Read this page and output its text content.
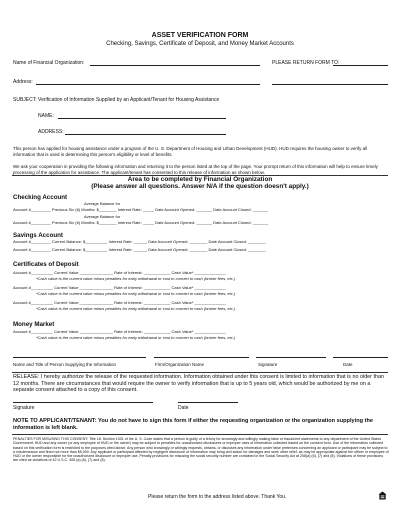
ASSET VERIFICATION FORM
Checking, Savings, Certificate of Deposit, and Money Market Accounts
Name of Financial Organization:	PLEASE RETURN FORM TO:
Address:
SUBJECT: Verification of Information Supplied by an Applicant/Tenant for Housing Assistance
NAME:
ADDRESS:
This person has applied for housing assistance under a program of the U. S. Department of Housing and Urban Development (HUD). HUD requires the housing owner to verify all information that is used in determining this person's eligibility or level of benefits.
We ask your cooperation in providing the following information and returning it to the person listed at the top of the page. Your prompt return of this information will help to ensure timely processing of the application for assistance. The applicant/tenant has consented to this release of information as shown below.
Area to be completed by Financial Organization
(Please answer all questions. Answer N/A if the question doesn't apply.)
Checking Account
Average Balance for
Account #_________ Previous Six (6) Months: $________ Interest Rate: _____ Date Account Opened: _______ Date Account Closed: _______
Average Balance for
Account #_________ Previous Six (6) Months: $________ Interest Rate: _____ Date Account Opened: _______ Date Account Closed: _______
Savings Account
Account #_________ Current Balance: $__________ Interest Rate: ______ Date Account Opened: ________ Date Account Closed: ________
Account #_________ Current Balance: $__________ Interest Rate: ______ Date Account Opened: ________ Date Account Closed: ________
Certificates of Deposit
Account #__________ Current Value _______________ Rate of Interest: ____________ Cash Value* ______________
*Cash value is the current value minus penalties for early withdrawal or cost to convert to cash (broker fees, etc.)
Account #__________ Current Value _______________ Rate of Interest: ____________ Cash Value* ______________
*Cash value is the current value minus penalties for early withdrawal or cost to convert to cash (broker fees, etc.)
Account #__________ Current Value _______________ Rate of Interest: ____________ Cash Value* ______________
*Cash value is the current value minus penalties for early withdrawal or cost to convert to cash (broker fees, etc.)
Money Market
Account #__________ Current Value _______________ Rate of Interest: ____________ Cash Value* ______________
*Cash value is the current value minus penalties for early withdrawal or cost to convert to cash (broker fees, etc.)
Name and Title of Person Supplying the Information	Firm/Organization Name	Signature	Date
RELEASE: I hereby authorize the release of the requested information. Information obtained under this consent is limited to information that is no older than 12 months. There are circumstances that would require the owner to verify information that is up to 5 years old, which would be authorized by me on a separate consent attached to a copy of this consent.
Signature	Date
NOTE TO APPLICANT/TENANT: You do not have to sign this form if either the requesting organization or the organization supplying the information is left blank.
PENALTIES FOR MISUSING THIS CONSENT: Title 18, Section 1001 of the U. S. Code states that a person is guilty of a felony for knowingly and willingly making false or fraudulent statements to any department of the United States Government. HUD and any owner (or any employee of HUD or the owner) may be subject to penalties for unauthorized disclosures or improper uses of information collected based on the consent form. Use of the information collected based on this verification form is restricted to the purposes cited above. Any person who knowingly or willingly requests, obtains, or discloses any information under false pretenses concerning an applicant or participant may be subject to a misdemeanor and fined not more than $5,000. Any applicant or participant affected by negligent disclosure of information may bring civil action for damages and seek other relief, as may be appropriate against the officer or employee of HUD or the owner responsible for the unauthorized disclosure or improper use. Penalty provisions for misusing the social security number are contained in the Social Security Act at 208(a) (6), (7) and (8). Violations of these provisions are cited as violations of 42 U.S.C. 408 (a) (6), (7) and (8).
Please return the form to the address listed above. Thank You.
